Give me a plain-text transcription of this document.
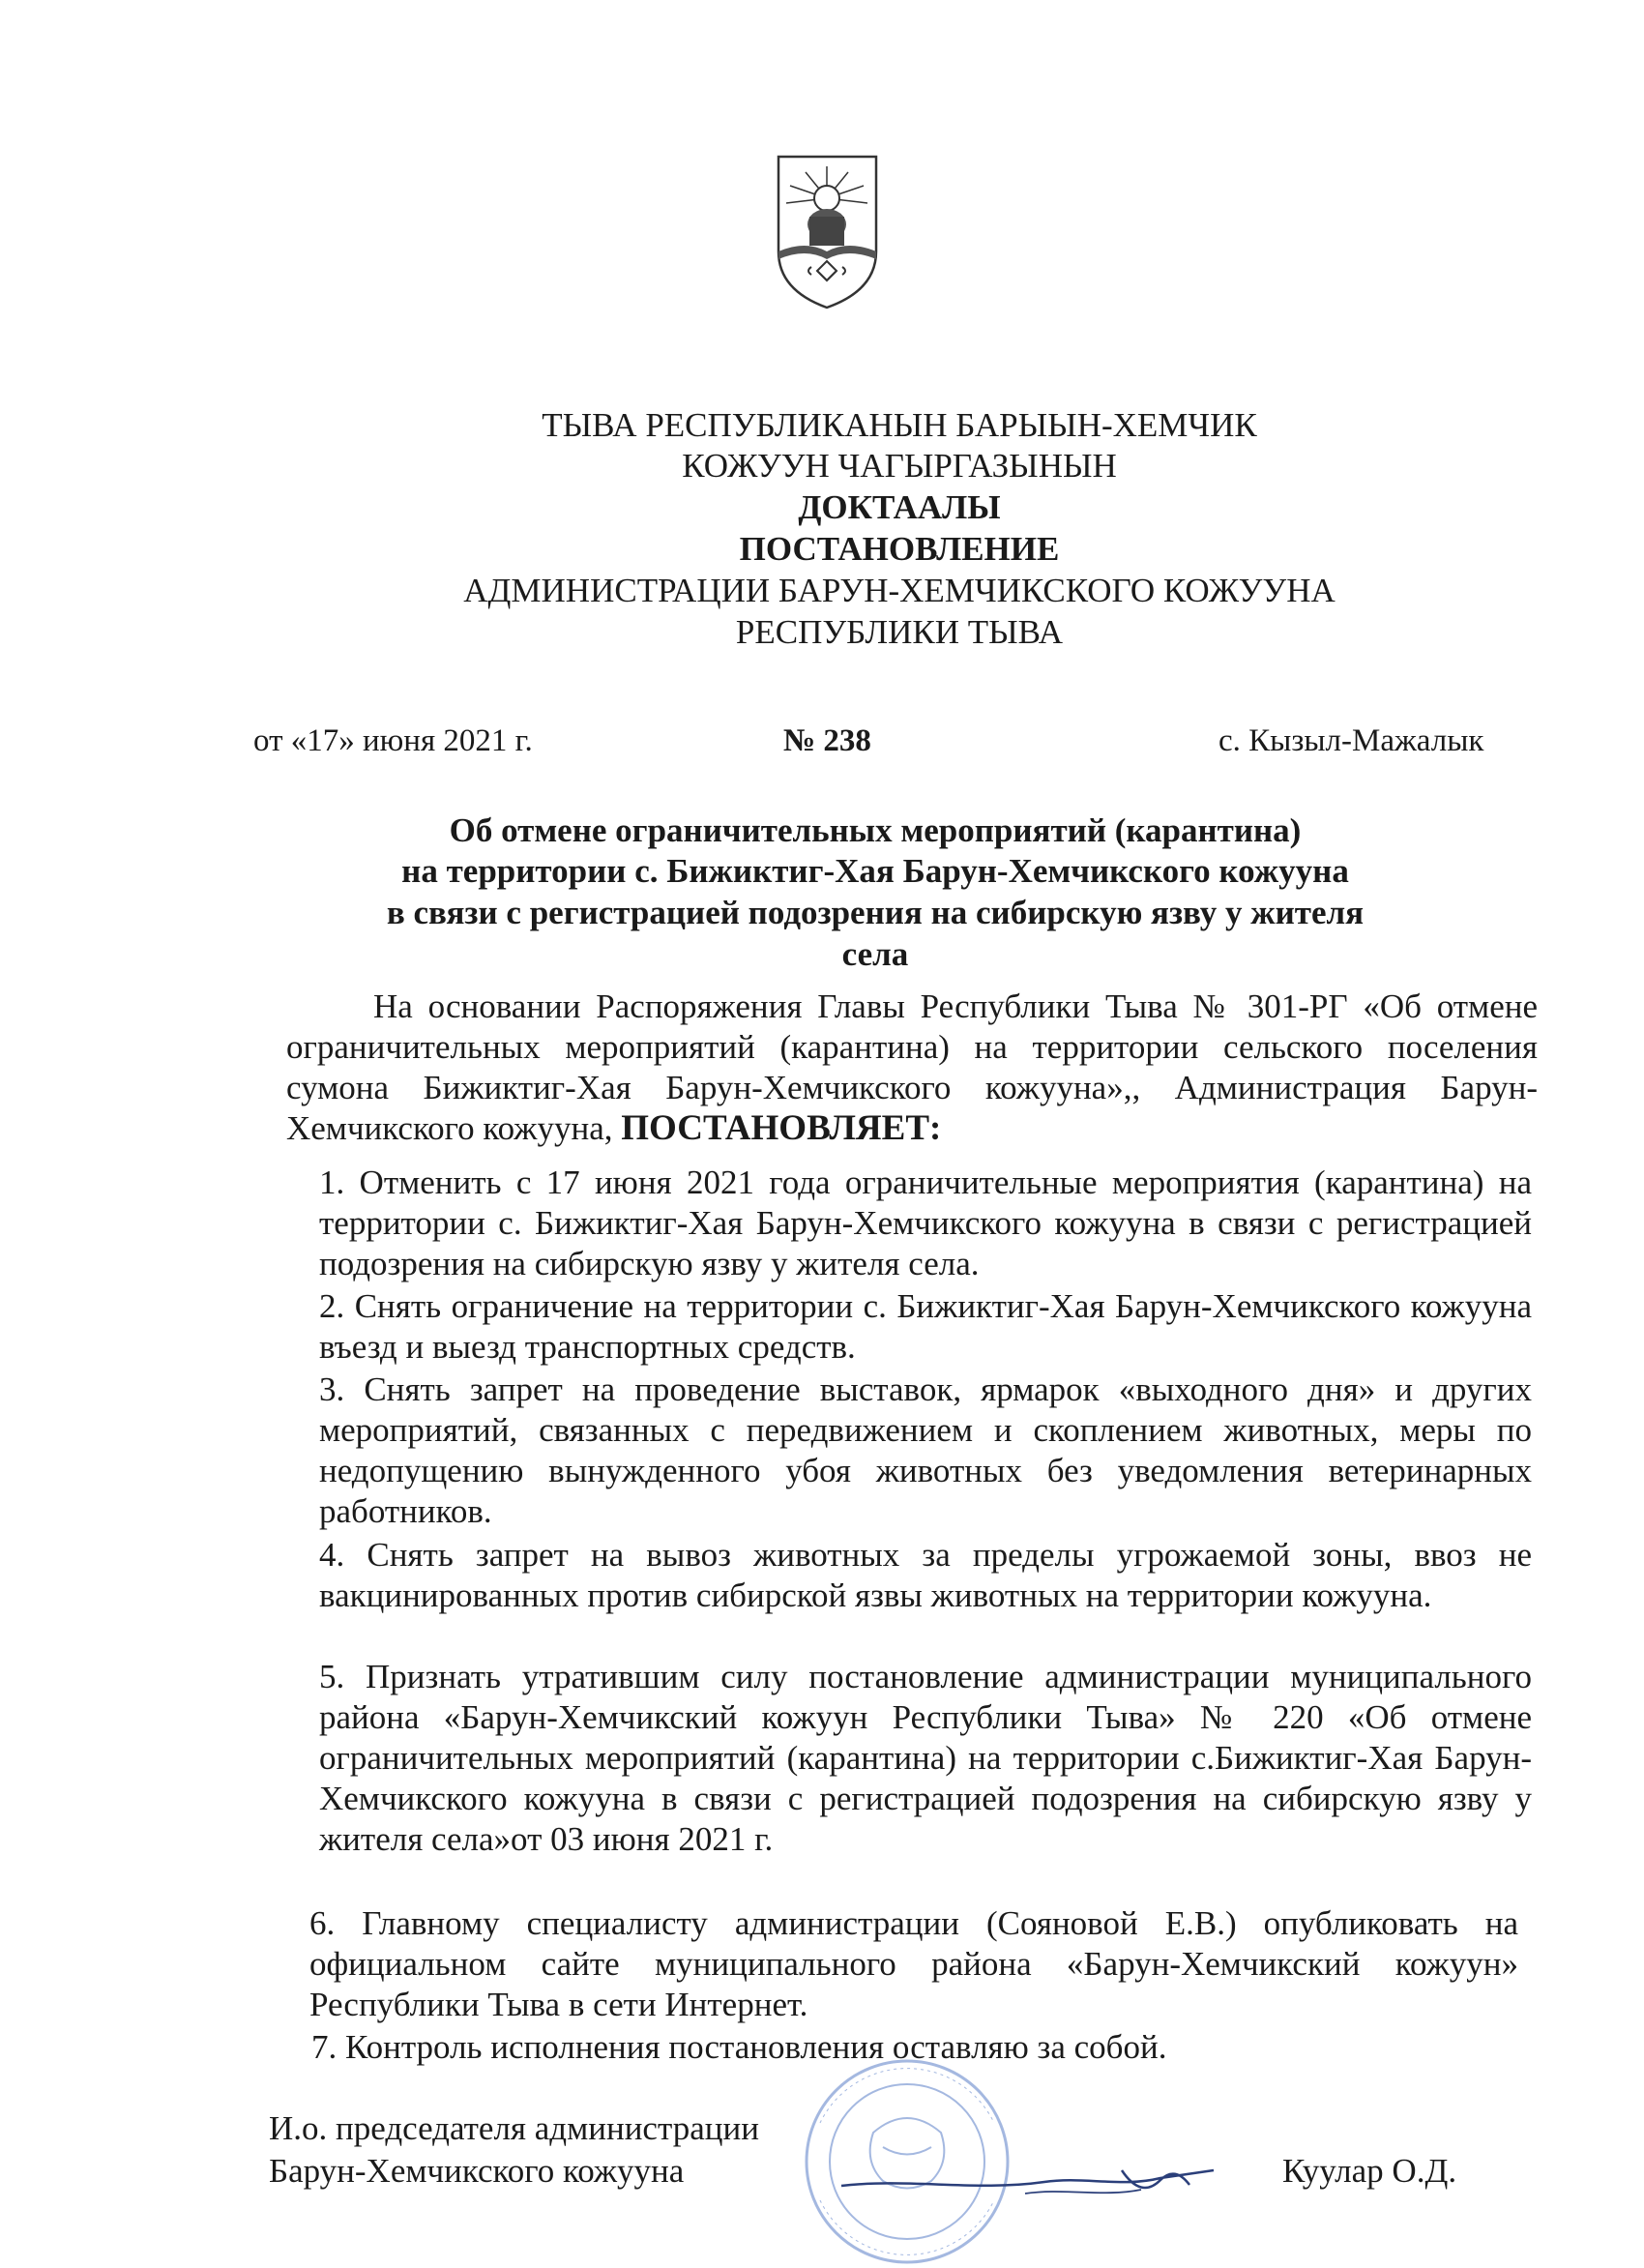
ТЫВА РЕСПУБЛИКАНЫН БАРЫЫН-ХЕМЧИК
КОЖУУН ЧАГЫРГАЗЫНЫН
ДОКТААЛЫ
ПОСТАНОВЛЕНИЕ
АДМИНИСТРАЦИИ БАРУН-ХЕМЧИКСКОГО КОЖУУНА
РЕСПУБЛИКИ ТЫВА
от «17» июня 2021 г.	№ 238	с. Кызыл-Мажалык
Об отмене ограничительных мероприятий (карантина)
на территории с. Бижиктиг-Хая Барун-Хемчикского кожууна
в связи с регистрацией подозрения на сибирскую язву у жителя
села
На основании Распоряжения Главы Республики Тыва № 301-РГ «Об отмене ограничительных мероприятий (карантина) на территории сельского поселения сумона Бижиктиг-Хая Барун-Хемчикского кожууна»,, Администрация Барун-Хемчикского кожууна, ПОСТАНОВЛЯЕТ:
1. Отменить с 17 июня 2021 года ограничительные мероприятия (карантина) на территории с. Бижиктиг-Хая Барун-Хемчикского кожууна в связи с регистрацией подозрения на сибирскую язву у жителя села.
2. Снять ограничение на территории с. Бижиктиг-Хая Барун-Хемчикского кожууна въезд и выезд транспортных средств.
3. Снять запрет на проведение выставок, ярмарок «выходного дня» и других мероприятий, связанных с передвижением и скоплением животных, меры по недопущению вынужденного убоя животных без уведомления ветеринарных работников.
4. Снять запрет на вывоз животных за пределы угрожаемой зоны, ввоз не вакцинированных против сибирской язвы животных на территории кожууна.
5. Признать утратившим силу постановление администрации муниципального района «Барун-Хемчикский кожуун Республики Тыва» № 220 «Об отмене ограничительных мероприятий (карантина) на территории с.Бижиктиг-Хая Барун-Хемчикского кожууна в связи с регистрацией подозрения на сибирскую язву у жителя села»от 03 июня 2021 г.
6. Главному специалисту администрации (Сояновой Е.В.) опубликовать на официальном сайте муниципального района «Барун-Хемчикский кожуун» Республики Тыва в сети Интернет.
7. Контроль исполнения постановления оставляю за собой.
И.о. председателя администрации
Барун-Хемчикского кожууна	Куулар О.Д.
